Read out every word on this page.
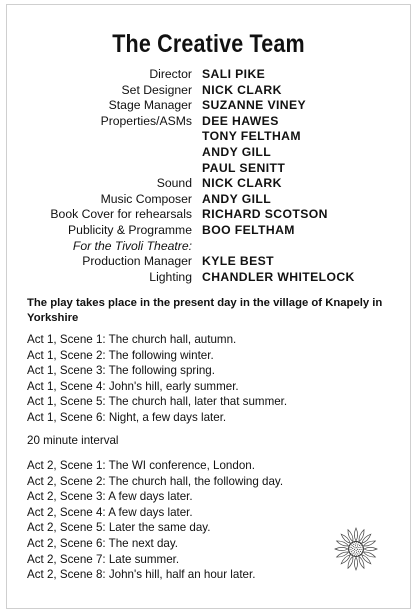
The Creative Team
Director SALI PIKE
Set Designer NICK CLARK
Stage Manager SUZANNE VINEY
Properties/ASMs DEE HAWES
TONY FELTHAM
ANDY GILL
PAUL SENITT
Sound NICK CLARK
Music Composer ANDY GILL
Book Cover for rehearsals RICHARD SCOTSON
Publicity & Programme BOO FELTHAM
For the Tivoli Theatre:
Production Manager KYLE BEST
Lighting CHANDLER WHITELOCK
The play takes place in the present day in the village of Knapely in Yorkshire
Act 1, Scene 1: The church hall, autumn.
Act 1, Scene 2: The following winter.
Act 1, Scene 3: The following spring.
Act 1, Scene 4: John's hill, early summer.
Act 1, Scene 5: The church hall, later that summer.
Act 1, Scene 6: Night, a few days later.
20 minute interval
Act 2, Scene 1: The WI conference, London.
Act 2, Scene 2: The church hall, the following day.
Act 2, Scene 3: A few days later.
Act 2, Scene 4: A few days later.
Act 2, Scene 5: Later the same day.
Act 2, Scene 6: The next day.
Act 2, Scene 7: Late summer.
Act 2, Scene 8: John's hill, half an hour later.
